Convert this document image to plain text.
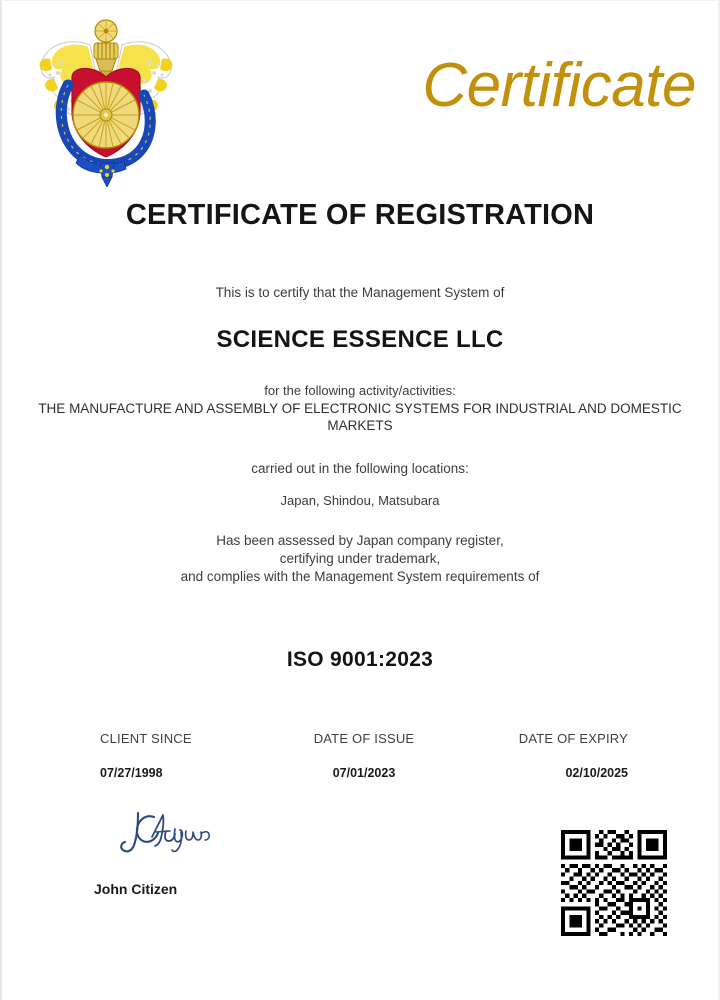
Certificate
CERTIFICATE OF REGISTRATION
This is to certify that the Management System of
SCIENCE ESSENCE LLC
for the following activity/activities:
THE MANUFACTURE AND ASSEMBLY OF ELECTRONIC SYSTEMS FOR INDUSTRIAL AND DOMESTIC MARKETS
carried out in the following locations:
Japan, Shindou, Matsubara
Has been assessed by Japan company register,
certifying under trademark,
and complies with the Management System requirements of
ISO 9001:2023
CLIENT SINCE
07/27/1998
DATE OF ISSUE
07/01/2023
DATE OF EXPIRY
02/10/2025
John Citizen
